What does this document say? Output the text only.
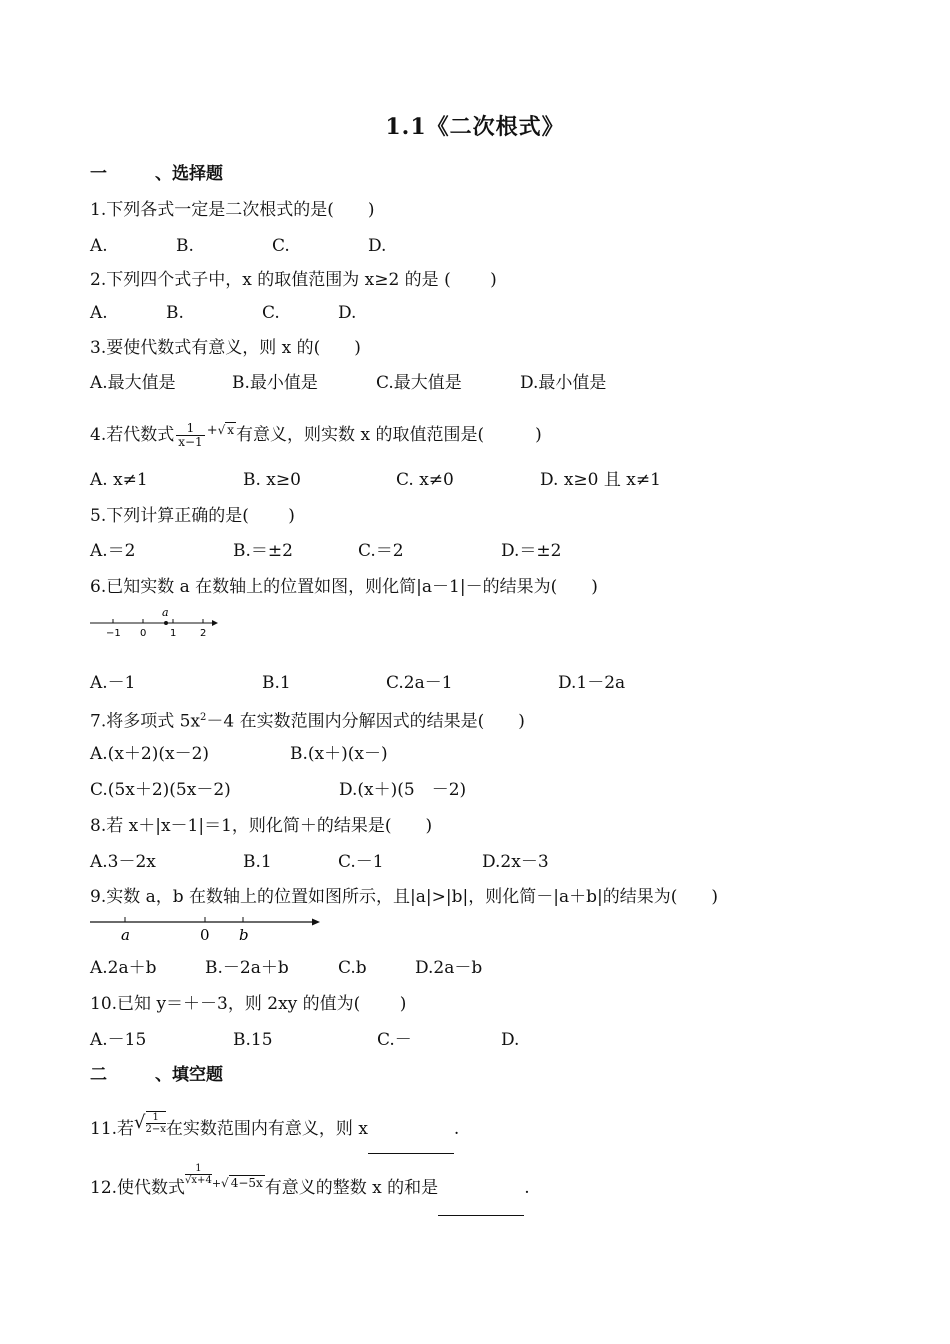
1.1《二次根式》
一	、选择题
1.下列各式一定是二次根式的是(　　)
A.	B.	C.	D.
2.下列四个式子中，x 的取值范围为 x≥2 的是 (　　 )
A.	B.	C.	D.
3.要使代数式有意义，则 x 的(　　)
A.最大值是	B.最小值是	C.最大值是	D.最小值是
4.若代数式 $\frac{1}{x-1} ^+√$ x 有意义，则实数 x 的取值范围是(　　　)
A. x≠1	B. x≥0	C. x≠0	D. x≥0 且 x≠1
5.下列计算正确的是(　　 )
A.＝2	B.＝±2	C.＝2	D.＝±2
6.已知实数 a 在数轴上的位置如图，则化简|a－1|－的结果为(　　)
a
−1 0 1 2
A.－1	B.1	C.2a－1	D.1－2a
7.将多项式 $5x^2-4$ 在实数范围内分解因式的结果是(　　)
A.(x＋2)(x－2)	B.(x＋)(x－)
C.(5x＋2)(5x－2)	D.(x＋)(5　－2)
8.若 x＋|x－1|＝1，则化简＋的结果是(　　)
A.3－2x	B.1	C.－1	D.2x－3
9.实数 a，b 在数轴上的位置如图所示，且|a|>|b|，则化简－|a＋b|的结果为(　　)
a	0 b
A.2a＋b	B.－2a＋b	C.b	D.2a－b
10.已知 y＝＋－3，则 2xy 的值为(　　 )
A.－15	B.15	C.－	D.
二	、填空题
11.若√ $\frac{1}{2-x}$ 在实数范围内有意义，则 x	.
12.使代数式
$\frac{1}{√x+4} ^+√$ 4−5x 有意义的整数 x 的和是	.
